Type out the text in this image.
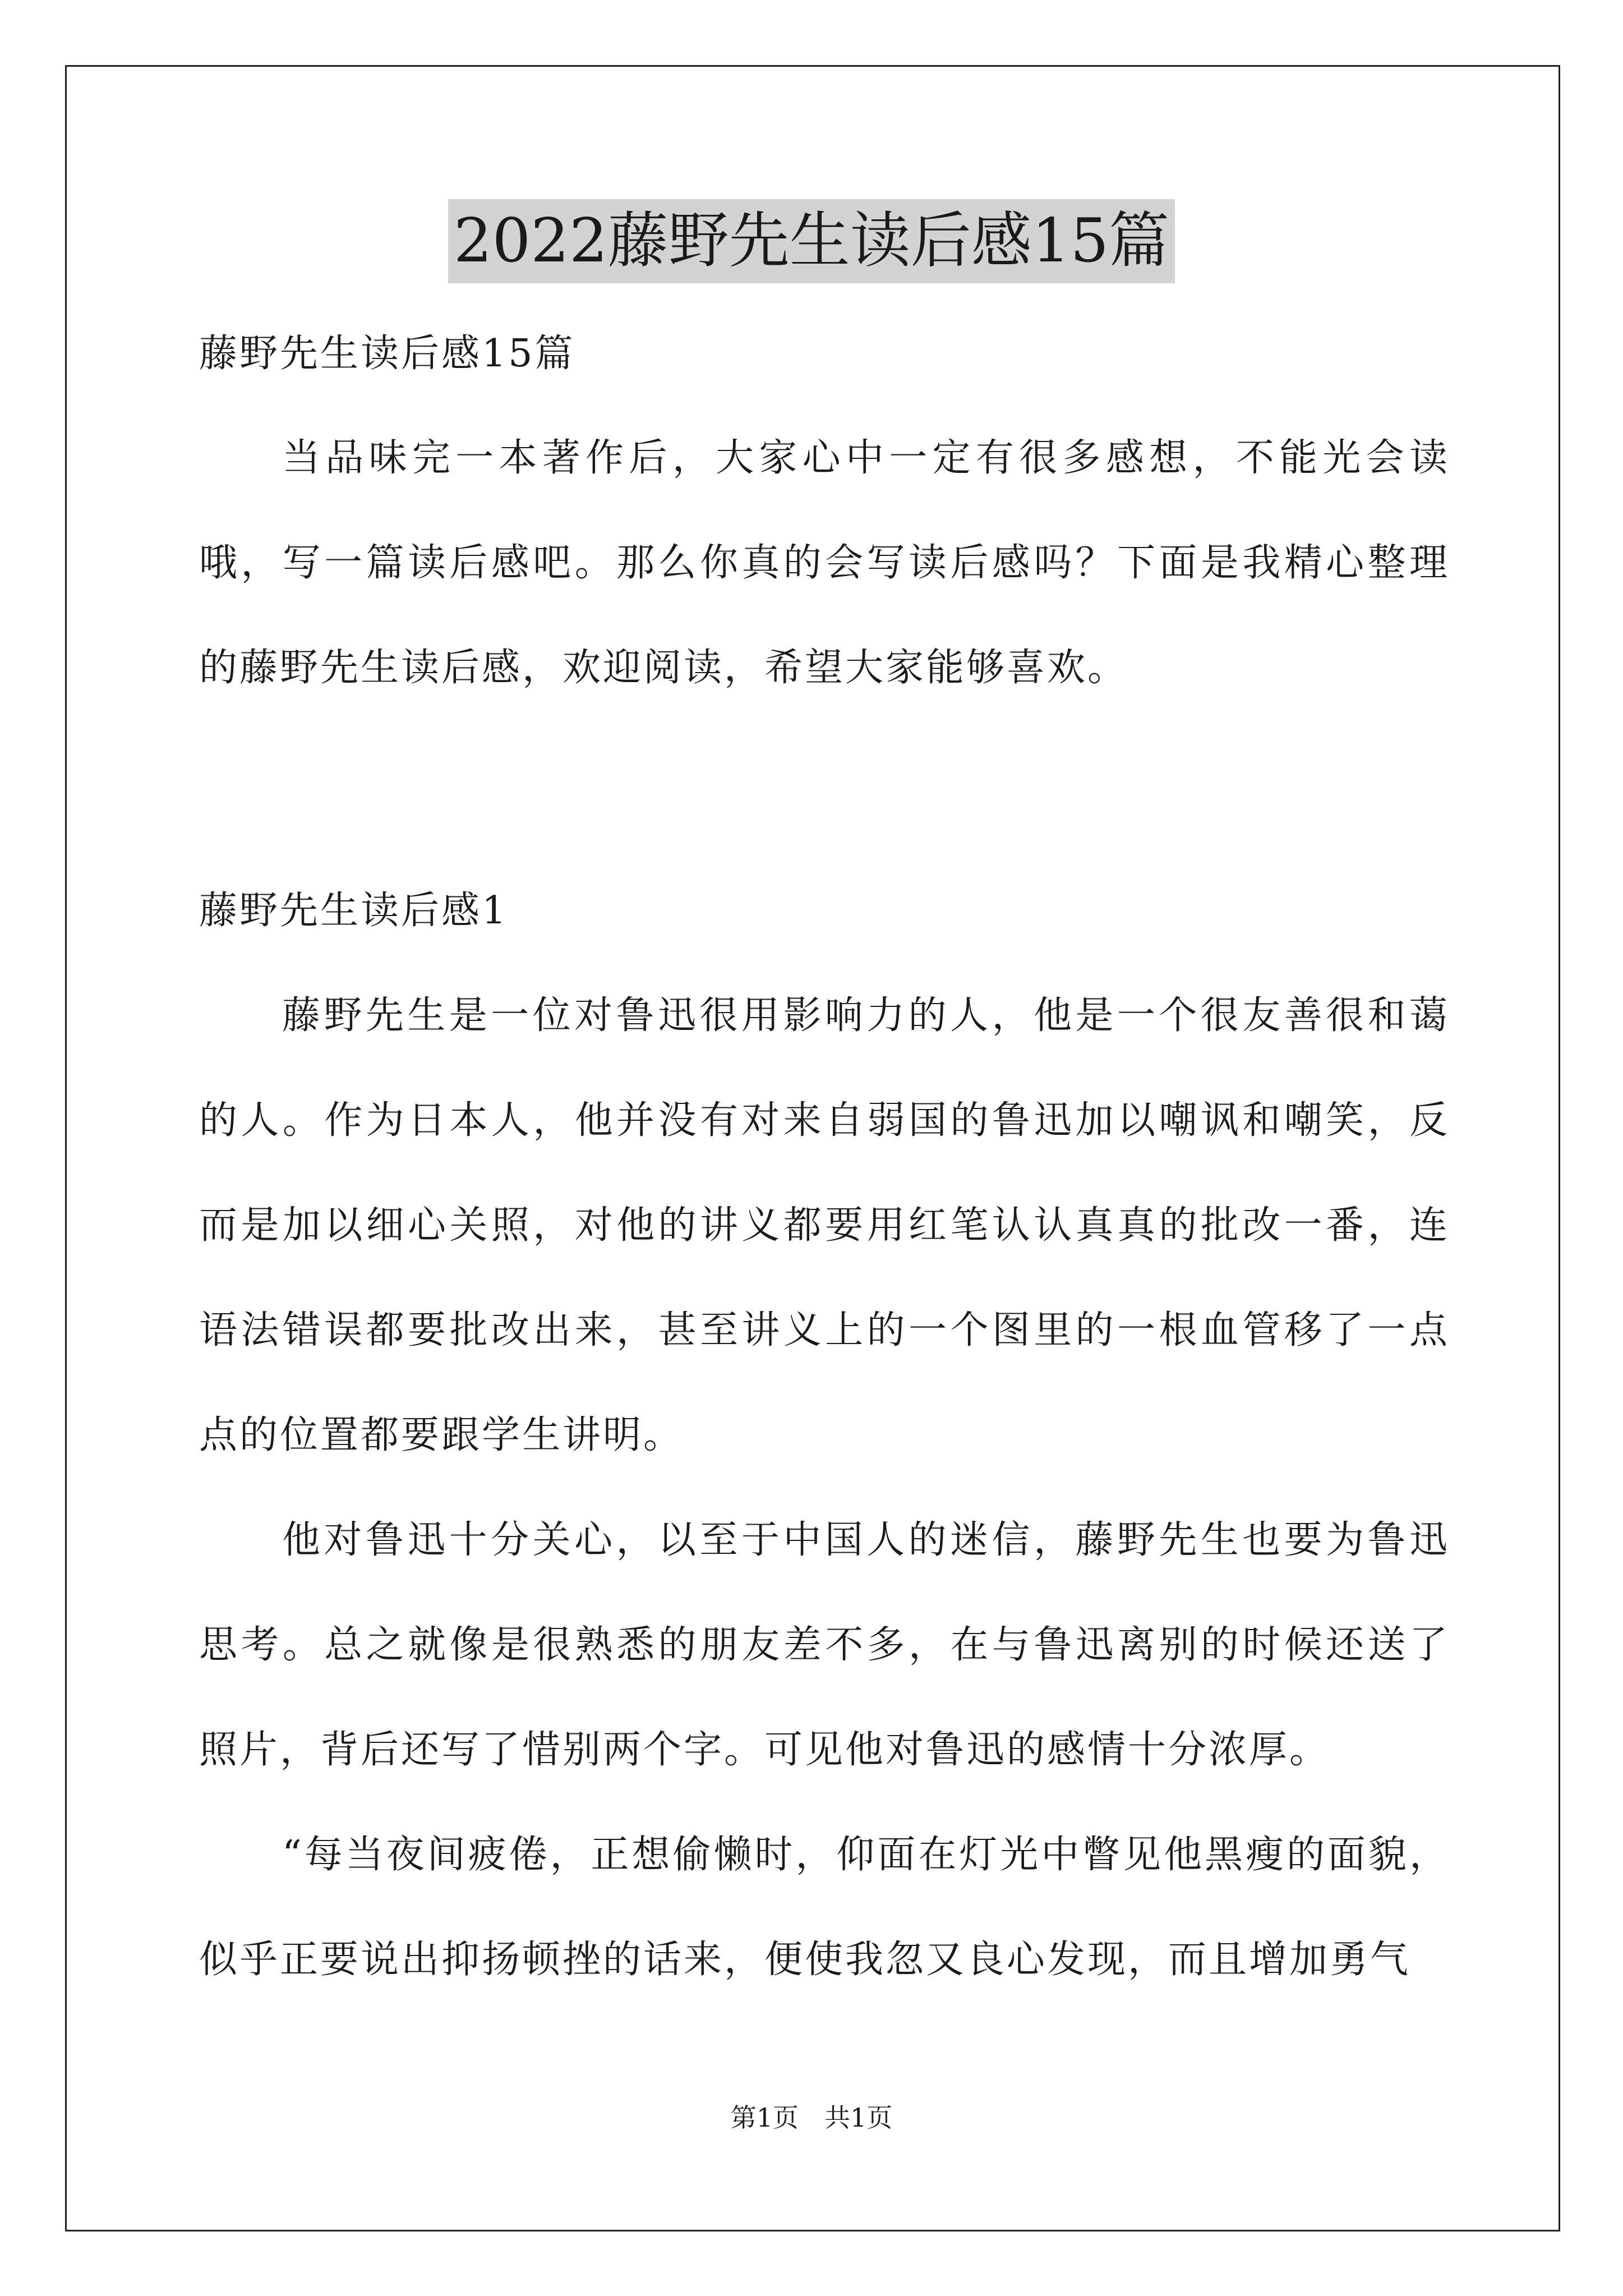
2022藤野先生读后感15篇

藤野先生读后感15篇

当品味完一本著作后，大家心中一定有很多感想，不能光会读哦，写一篇读后感吧。那么你真的会写读后感吗？下面是我精心整理的藤野先生读后感，欢迎阅读，希望大家能够喜欢。

藤野先生读后感1

藤野先生是一位对鲁迅很用影响力的人，他是一个很友善很和蔼的人。作为日本人，他并没有对来自弱国的鲁迅加以嘲讽和嘲笑，反而是加以细心关照，对他的讲义都要用红笔认认真真的批改一番，连语法错误都要批改出来，甚至讲义上的一个图里的一根血管移了一点点的位置都要跟学生讲明。

他对鲁迅十分关心，以至于中国人的迷信，藤野先生也要为鲁迅思考。总之就像是很熟悉的朋友差不多，在与鲁迅离别的时候还送了照片，背后还写了惜别两个字。可见他对鲁迅的感情十分浓厚。

“每当夜间疲倦，正想偷懒时，仰面在灯光中瞥见他黑瘦的面貌，似乎正要说出抑扬顿挫的话来，便使我忽又良心发现，而且增加勇气

第1页 共1页
